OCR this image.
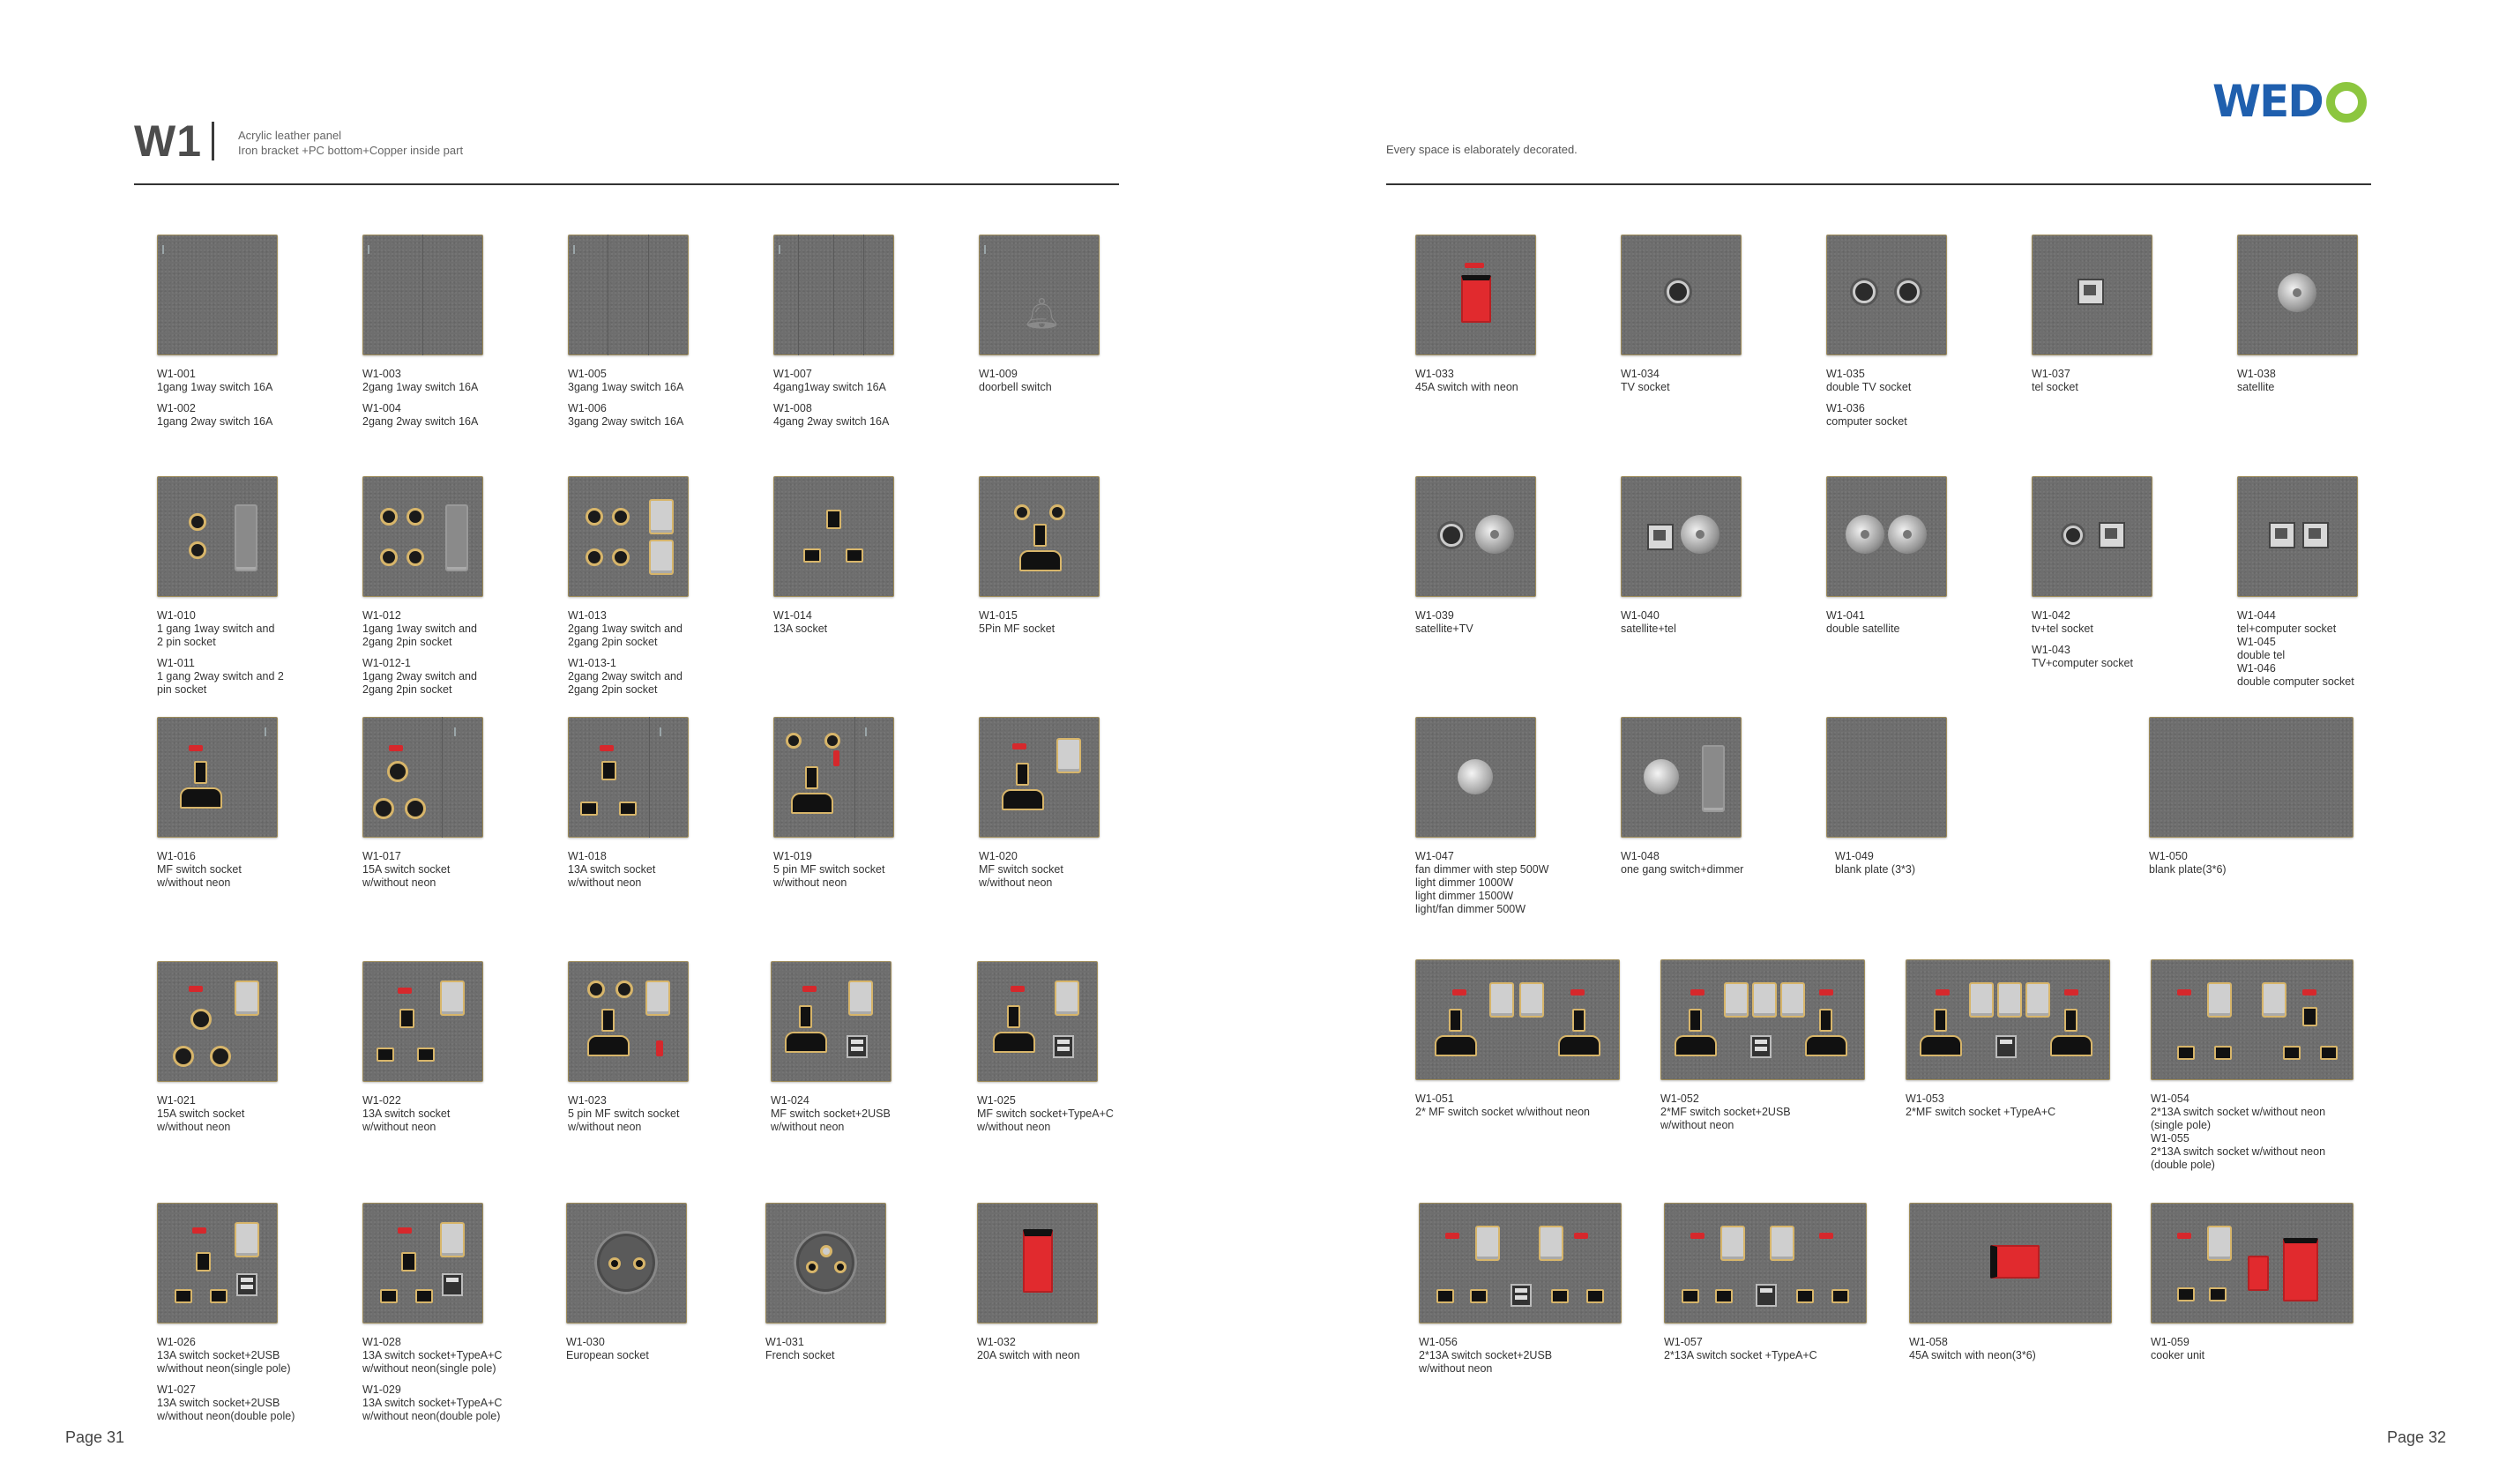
W1	Acrylic leather panel
Iron bracket +PC bottom+Copper inside part
W1-001
1gang 1way switch 16A
W1-002
1gang 2way switch 16A
W1-003
2gang 1way switch 16A
W1-004
2gang 2way switch 16A
W1-005
3gang 1way switch 16A
W1-006
3gang 2way switch 16A
W1-007
4gang1way switch 16A
W1-008
4gang 2way switch 16A
🔔︎
W1-009
doorbell switch
W1-010
1 gang 1way switch and
2 pin socket
W1-011
1 gang 2way switch and 2
pin socket
W1-012
1gang 1way switch and
2gang 2pin socket
W1-012-1
1gang 2way switch and
2gang 2pin socket
W1-013
2gang 1way switch and
2gang 2pin socket
W1-013-1
2gang 2way switch and
2gang 2pin socket
W1-014
13A socket
W1-015
5Pin MF socket
W1-016
MF switch socket
w/without neon
W1-017
15A switch socket
w/without neon
W1-018
13A switch socket
w/without neon
W1-019
5 pin MF switch socket
w/without neon
W1-020
MF switch socket
w/without neon
W1-021
15A switch socket
w/without neon
W1-022
13A switch socket
w/without neon
W1-023
5 pin MF switch socket
w/without neon
W1-024
MF switch socket+2USB
w/without neon
W1-025
MF switch socket+TypeA+C
w/without neon
W1-026
13A switch socket+2USB
w/without neon(single pole)
W1-027
13A switch socket+2USB
w/without neon(double pole)
W1-028
13A switch socket+TypeA+C
w/without neon(single pole)
W1-029
13A switch socket+TypeA+C
w/without neon(double pole)
W1-030
European socket
W1-031
French socket
W1-032
20A switch with neon
Page 31
WED
Every space is elaborately decorated.
W1-033
45A switch with neon
W1-034
TV socket
W1-035
double TV socket
W1-036
computer socket
W1-037
tel socket
W1-038
satellite
W1-039
satellite+TV
W1-040
satellite+tel
W1-041
double satellite
W1-042
tv+tel socket
W1-043
TV+computer socket
W1-044
tel+computer socket
W1-045
double tel
W1-046
double computer socket
W1-047
fan dimmer with step 500W
light dimmer 1000W
light dimmer 1500W
light/fan dimmer 500W
W1-048
one gang switch+dimmer
W1-049
blank plate (3*3)
W1-050
blank plate(3*6)
W1-051
2* MF switch socket w/without neon
W1-052
2*MF switch socket+2USB
w/without neon
W1-053
2*MF switch socket +TypeA+C
W1-054
2*13A switch socket w/without neon
(single pole)
W1-055
2*13A switch socket w/without neon
(double pole)
W1-056
2*13A switch socket+2USB
w/without neon
W1-057
2*13A switch socket +TypeA+C
W1-058
45A switch with neon(3*6)
W1-059
cooker unit
Page 32
